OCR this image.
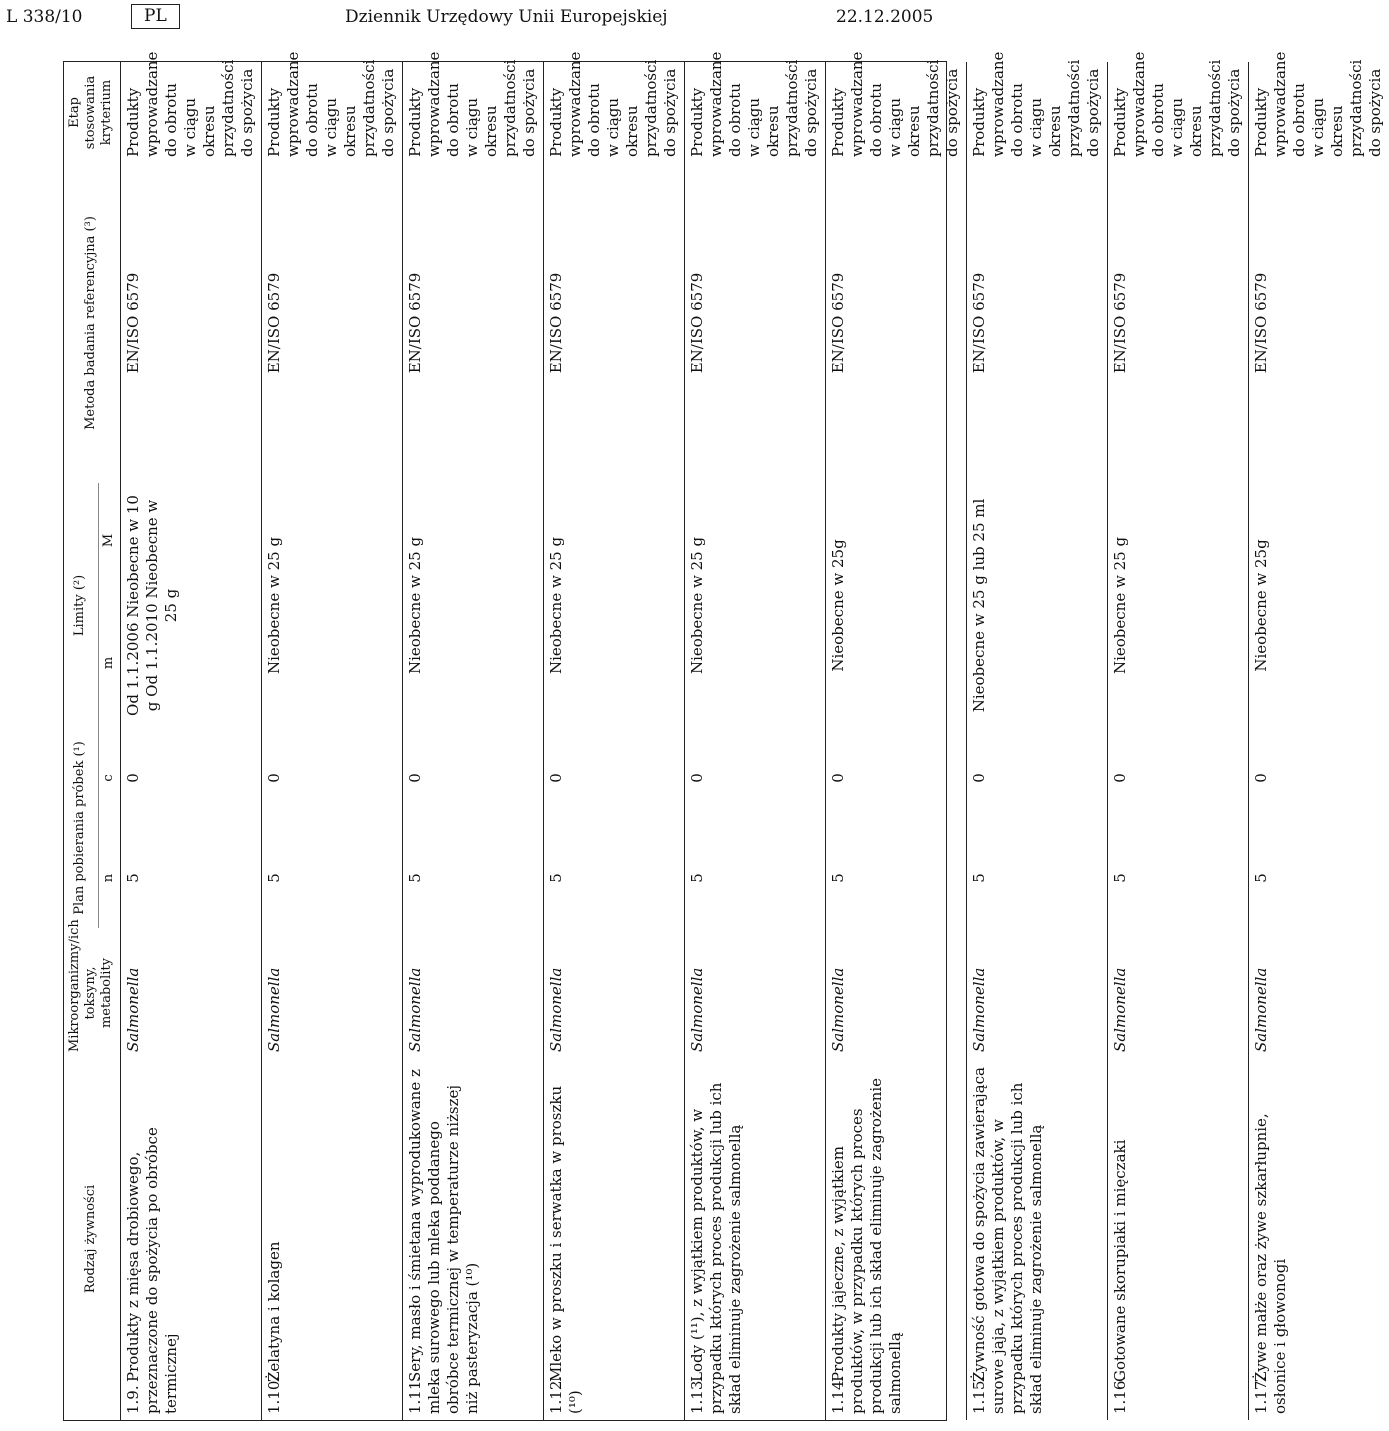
L 338/10	PL	Dziennik Urzędowy Unii Europejskiej	22.12.2005
Rodzaj żywności	Mikroorganizmy/ich toksyny, metabolity	Plan pobierania próbek (¹)		Limity (²)		Metoda badania referencyjna (³)	Etap stosowania kryterium
		n	c	m	M		
1.9.Produkty z mięsa drobiowego, przeznaczone do spożycia po obróbce termicznej	Salmonella	5	0	Od 1.1.2006 Nieobecne w 10 g Od 1.1.2010 Nieobecne w 25 g		EN/ISO 6579	Produkty wprowadzane do obrotu w ciągu okresu przydatności do spożycia
1.10.Żelatyna i kolagen	Salmonella	5	0	Nieobecne w 25 g		EN/ISO 6579	Produkty wprowadzane do obrotu w ciągu okresu przydatności do spożycia
1.11.Sery, masło i śmietana wyprodukowane z mleka surowego lub mleka poddanego obróbce termicznej w temperaturze niższej niż pasteryzacja (¹⁰)	Salmonella	5	0	Nieobecne w 25 g		EN/ISO 6579	Produkty wprowadzane do obrotu w ciągu okresu przydatności do spożycia
1.12.Mleko w proszku i serwatka w proszku (¹⁰)	Salmonella	5	0	Nieobecne w 25 g		EN/ISO 6579	Produkty wprowadzane do obrotu w ciągu okresu przydatności do spożycia
1.13.Lody (¹¹), z wyjątkiem produktów, w przypadku których proces produkcji lub ich skład eliminuje zagrożenie salmonellą	Salmonella	5	0	Nieobecne w 25 g		EN/ISO 6579	Produkty wprowadzane do obrotu w ciągu okresu przydatności do spożycia
1.14.Produkty jajeczne, z wyjątkiem produktów, w przypadku których proces produkcji lub ich skład eliminuje zagrożenie salmonellą	Salmonella	5	0	Nieobecne w 25g		EN/ISO 6579	Produkty wprowadzane do obrotu w ciągu okresu przydatności do spożycia
1.15.Żywność gotowa do spożycia zawierająca surowe jaja, z wyjątkiem produktów, w przypadku których proces produkcji lub ich skład eliminuje zagrożenie salmonellą	Salmonella	5	0	Nieobecne w 25 g lub 25 ml		EN/ISO 6579	Produkty wprowadzane do obrotu w ciągu okresu przydatności do spożycia
1.16.Gotowane skorupiaki i mięczaki	Salmonella	5	0	Nieobecne w 25 g		EN/ISO 6579	Produkty wprowadzane do obrotu w ciągu okresu przydatności do spożycia
1.17.Żywe małże oraz żywe szkarłupnie, osłonice i głowonogi	Salmonella	5	0	Nieobecne w 25g		EN/ISO 6579	Produkty wprowadzane do obrotu w ciągu okresu przydatności do spożycia
